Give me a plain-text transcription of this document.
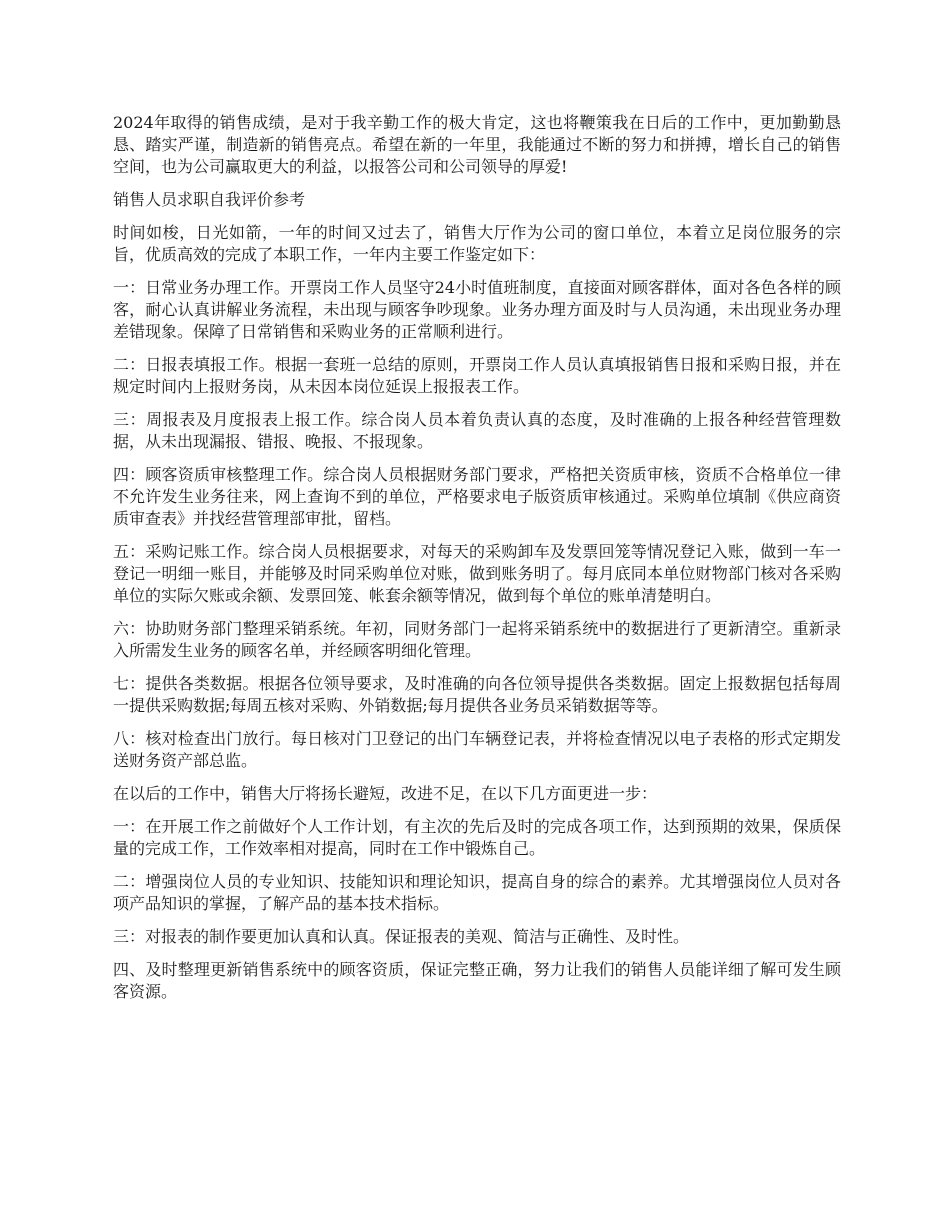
2024年取得的销售成绩，是对于我辛勤工作的极大肯定，这也将鞭策我在日后的工作中，更加勤勤恳恳、踏实严谨，制造新的销售亮点。希望在新的一年里，我能通过不断的努力和拼搏，增长自己的销售空间，也为公司赢取更大的利益，以报答公司和公司领导的厚爱!

销售人员求职自我评价参考

时间如梭，日光如箭，一年的时间又过去了，销售大厅作为公司的窗口单位，本着立足岗位服务的宗旨，优质高效的完成了本职工作，一年内主要工作鉴定如下：

一：日常业务办理工作。开票岗工作人员坚守24小时值班制度，直接面对顾客群体，面对各色各样的顾客，耐心认真讲解业务流程，未出现与顾客争吵现象。业务办理方面及时与人员沟通，未出现业务办理差错现象。保障了日常销售和采购业务的正常顺利进行。

二：日报表填报工作。根据一套班一总结的原则，开票岗工作人员认真填报销售日报和采购日报，并在规定时间内上报财务岗，从未因本岗位延误上报报表工作。

三：周报表及月度报表上报工作。综合岗人员本着负责认真的态度，及时准确的上报各种经营管理数据，从未出现漏报、错报、晚报、不报现象。

四：顾客资质审核整理工作。综合岗人员根据财务部门要求，严格把关资质审核，资质不合格单位一律不允许发生业务往来，网上查询不到的单位，严格要求电子版资质审核通过。采购单位填制《供应商资质审查表》并找经营管理部审批，留档。

五：采购记账工作。综合岗人员根据要求，对每天的采购卸车及发票回笼等情况登记入账，做到一车一登记一明细一账目，并能够及时同采购单位对账，做到账务明了。每月底同本单位财物部门核对各采购单位的实际欠账或余额、发票回笼、帐套余额等情况，做到每个单位的账单清楚明白。

六：协助财务部门整理采销系统。年初，同财务部门一起将采销系统中的数据进行了更新清空。重新录入所需发生业务的顾客名单，并经顾客明细化管理。

七：提供各类数据。根据各位领导要求，及时准确的向各位领导提供各类数据。固定上报数据包括每周一提供采购数据;每周五核对采购、外销数据;每月提供各业务员采销数据等等。

八：核对检查出门放行。每日核对门卫登记的出门车辆登记表，并将检查情况以电子表格的形式定期发送财务资产部总监。

在以后的工作中，销售大厅将扬长避短，改进不足，在以下几方面更进一步：

一：在开展工作之前做好个人工作计划，有主次的先后及时的完成各项工作，达到预期的效果，保质保量的完成工作，工作效率相对提高，同时在工作中锻炼自己。

二：增强岗位人员的专业知识、技能知识和理论知识，提高自身的综合的素养。尤其增强岗位人员对各项产品知识的掌握，了解产品的基本技术指标。

三：对报表的制作要更加认真和认真。保证报表的美观、简洁与正确性、及时性。

四、及时整理更新销售系统中的顾客资质，保证完整正确，努力让我们的销售人员能详细了解可发生顾客资源。
